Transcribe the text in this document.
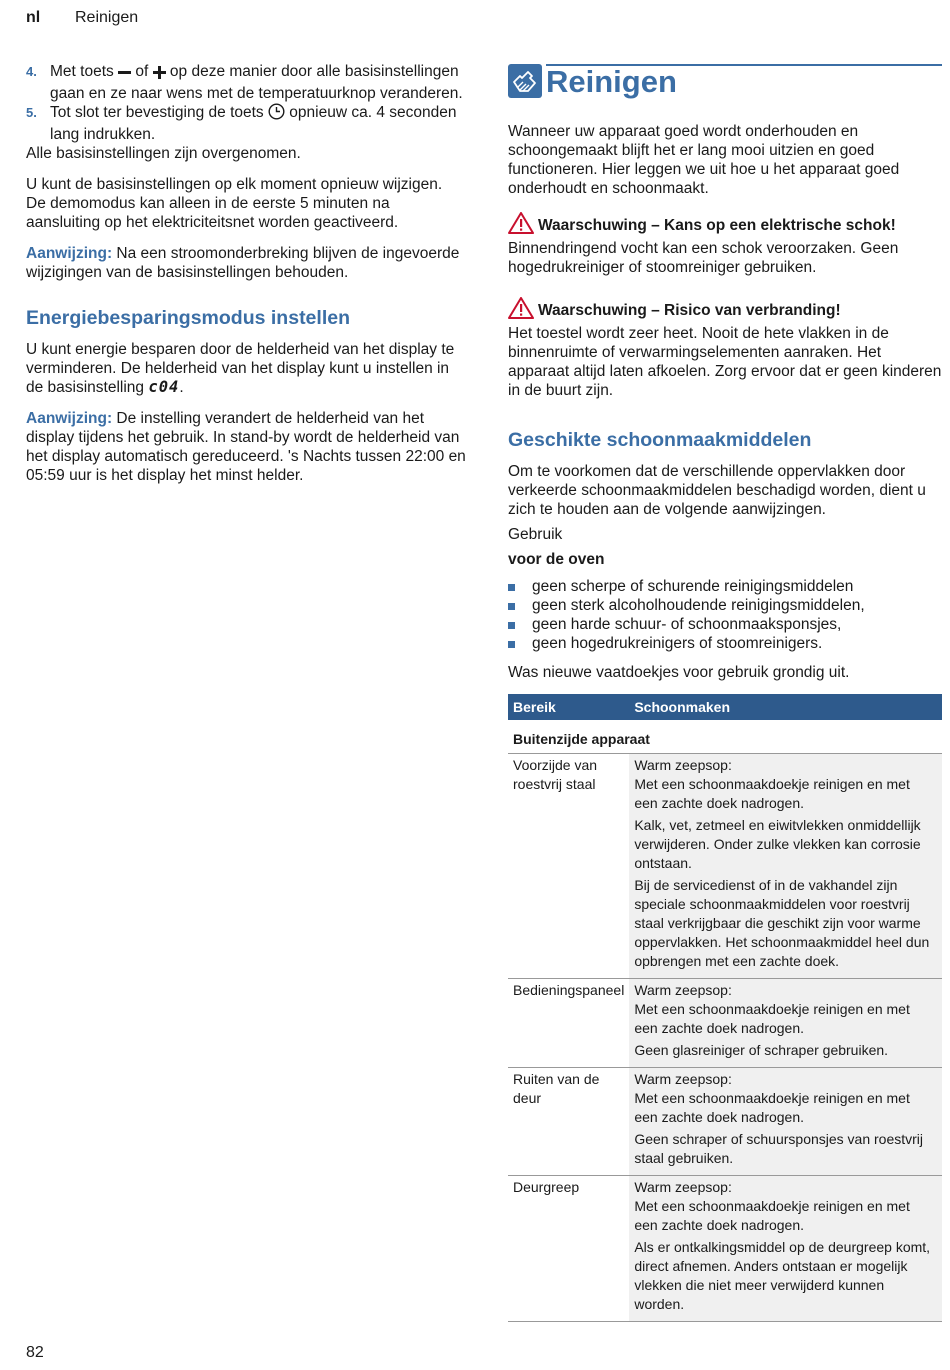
nl Reinigen
4. Met toets  of  op deze manier door alle basisinstellingen gaan en ze naar wens met de temperatuurknop veranderen.
5. Tot slot ter bevestiging de toets  opnieuw ca. 4 seconden lang indrukken.

Alle basisinstellingen zijn overgenomen.

U kunt de basisinstellingen op elk moment opnieuw wijzigen. De demomodus kan alleen in de eerste 5 minuten na aansluiting op het elektriciteitsnet worden geactiveerd.

Aanwijzing: Na een stroomonderbreking blijven de ingevoerde wijzigingen van de basisinstellingen behouden.

Energiebesparingsmodus instellen

U kunt energie besparen door de helderheid van het display te verminderen. De helderheid van het display kunt u instellen in de basisinstelling c04.

Aanwijzing: De instelling verandert de helderheid van het display tijdens het gebruik. In stand-by wordt de helderheid van het display automatisch gereduceerd. 's Nachts tussen 22:00 en 05:59 uur is het display het minst helder.

Reinigen

Wanneer uw apparaat goed wordt onderhouden en schoongemaakt blijft het er lang mooi uitzien en goed functioneren. Hier leggen we uit hoe u het apparaat goed onderhoudt en schoonmaakt.

Waarschuwing – Kans op een elektrische schok!

Binnendringend vocht kan een schok veroorzaken. Geen hogedrukreiniger of stoomreiniger gebruiken.

Waarschuwing – Risico van verbranding!

Het toestel wordt zeer heet. Nooit de hete vlakken in de binnenruimte of verwarmingselementen aanraken. Het apparaat altijd laten afkoelen. Zorg ervoor dat er geen kinderen in de buurt zijn.

Geschikte schoonmaakmiddelen

Om te voorkomen dat de verschillende oppervlakken door verkeerde schoonmaakmiddelen beschadigd worden, dient u zich te houden aan de volgende aanwijzingen.

Gebruik

voor de oven

geen scherpe of schurende reinigingsmiddelen
geen sterk alcoholhoudende reinigingsmiddelen,
geen harde schuur- of schoonmaaksponsjes,
geen hogedrukreinigers of stoomreinigers.

Was nieuwe vaatdoekjes voor gebruik grondig uit.

Bereik	Schoonmaken
Buitenzijde apparaat	
Voorzijde van roestvrij staal	Warm zeepsop:
Met een schoonmaakdoekje reinigen en met een zachte doek nadrogen.
Kalk, vet, zetmeel en eiwitvlekken onmiddellijk verwijderen. Onder zulke vlekken kan corrosie ontstaan.
Bij de servicedienst of in de vakhandel zijn speciale schoonmaakmiddelen voor roestvrij staal verkrijgbaar die geschikt zijn voor warme oppervlakken. Het schoonmaakmiddel heel dun opbrengen met een zachte doek.

Bedieningspaneel	Warm zeepsop:
Met een schoonmaakdoekje reinigen en met een zachte doek nadrogen.
Geen glasreiniger of schraper gebruiken.

Ruiten van de deur	Warm zeepsop:
Met een schoonmaakdoekje reinigen en met een zachte doek nadrogen.
Geen schraper of schuursponsjes van roestvrij staal gebruiken.

Deurgreep	Warm zeepsop:
Met een schoonmaakdoekje reinigen en met een zachte doek nadrogen.
Als er ontkalkingsmiddel op de deurgreep komt, direct afnemen. Anders ontstaan er mogelijk vlekken die niet meer verwijderd kunnen worden.
82
